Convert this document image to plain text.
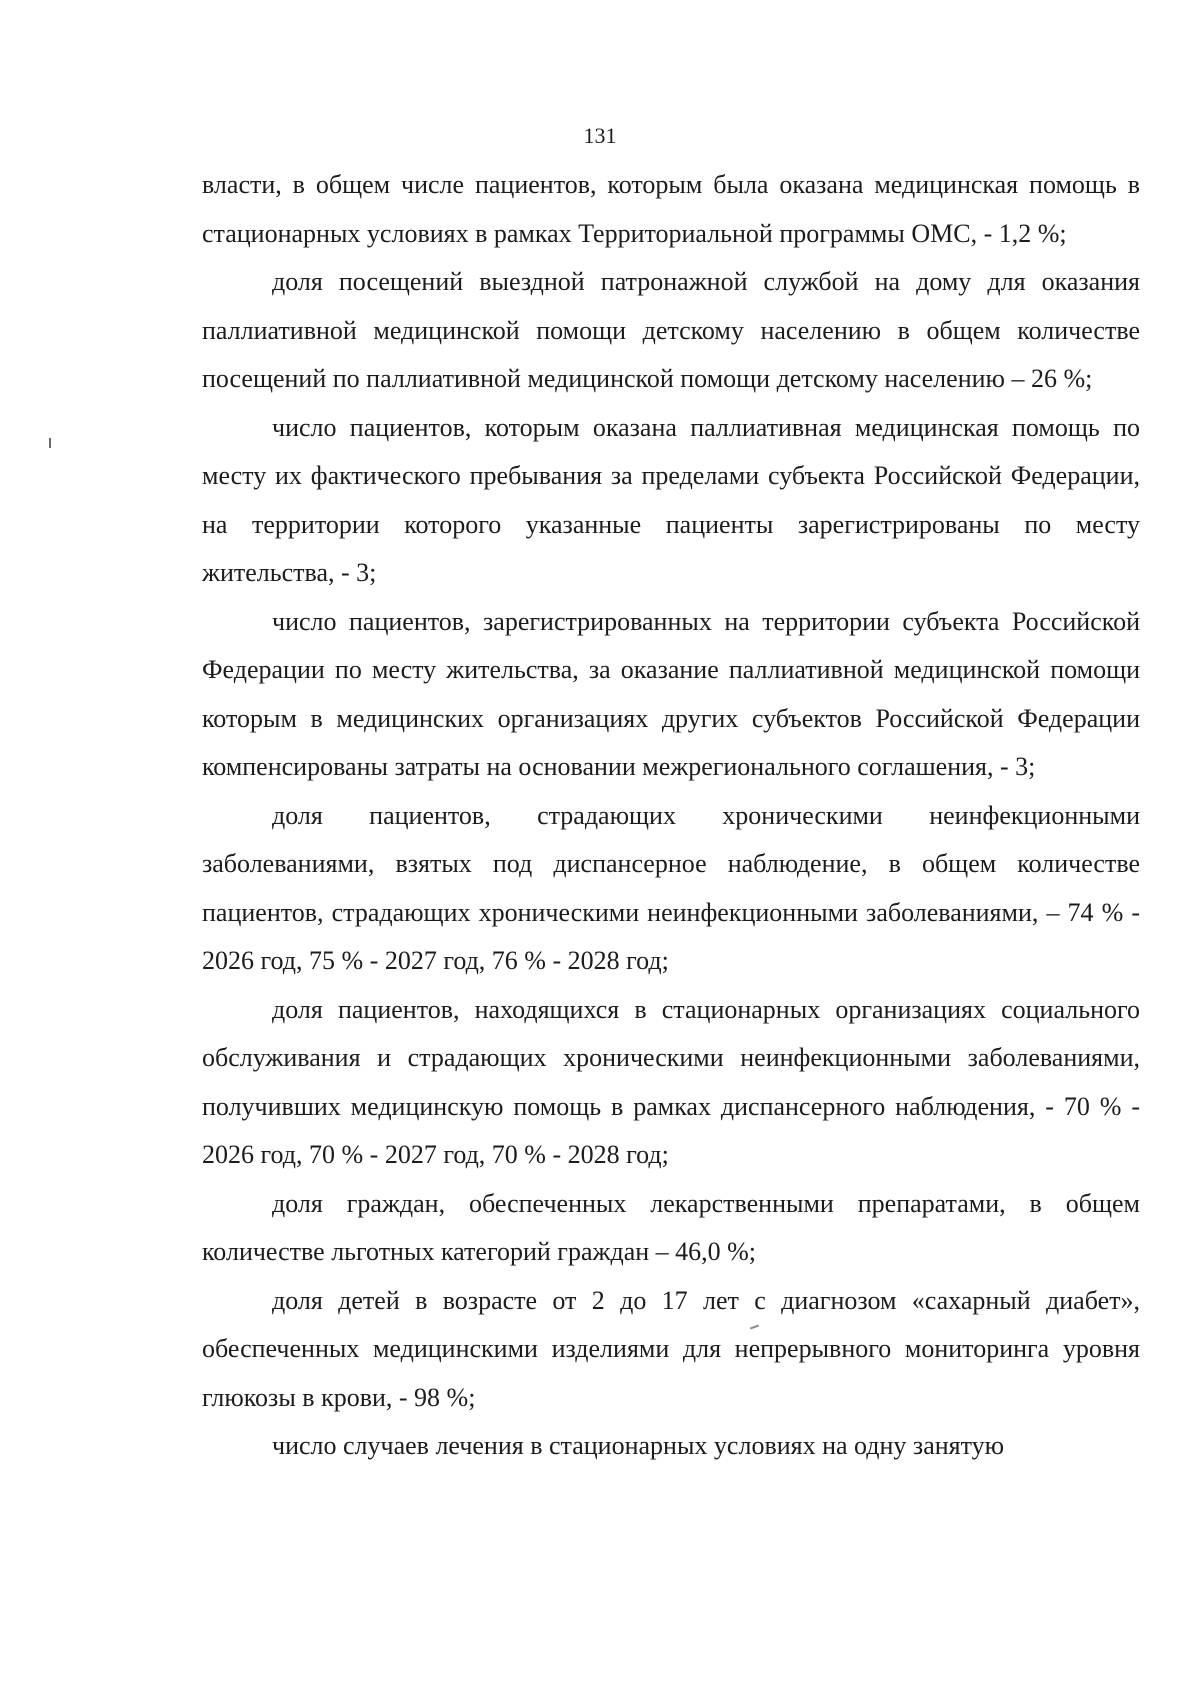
131

власти, в общем числе пациентов, которым была оказана медицинская помощь в стационарных условиях в рамках Территориальной программы ОМС, - 1,2 %;

доля посещений выездной патронажной службой на дому для оказания паллиативной медицинской помощи детскому населению в общем количестве посещений по паллиативной медицинской помощи детскому населению – 26 %;

число пациентов, которым оказана паллиативная медицинская помощь по месту их фактического пребывания за пределами субъекта Российской Федерации, на территории которого указанные пациенты зарегистрированы по месту жительства, - 3;

число пациентов, зарегистрированных на территории субъекта Российской Федерации по месту жительства, за оказание паллиативной медицинской помощи которым в медицинских организациях других субъектов Российской Федерации компенсированы затраты на основании межрегионального соглашения, - 3;

доля пациентов, страдающих хроническими неинфекционными заболеваниями, взятых под диспансерное наблюдение, в общем количестве пациентов, страдающих хроническими неинфекционными заболеваниями, – 74 % - 2026 год, 75 % - 2027 год, 76 % - 2028 год;

доля пациентов, находящихся в стационарных организациях социального обслуживания и страдающих хроническими неинфекционными заболеваниями, получивших медицинскую помощь в рамках диспансерного наблюдения, - 70 % - 2026 год, 70 % - 2027 год, 70 % - 2028 год;

доля граждан, обеспеченных лекарственными препаратами, в общем количестве льготных категорий граждан – 46,0 %;

доля детей в возрасте от 2 до 17 лет с диагнозом «сахарный диабет», обеспеченных медицинскими изделиями для непрерывного мониторинга уровня глюкозы в крови, - 98 %;

число случаев лечения в стационарных условиях на одну занятую
